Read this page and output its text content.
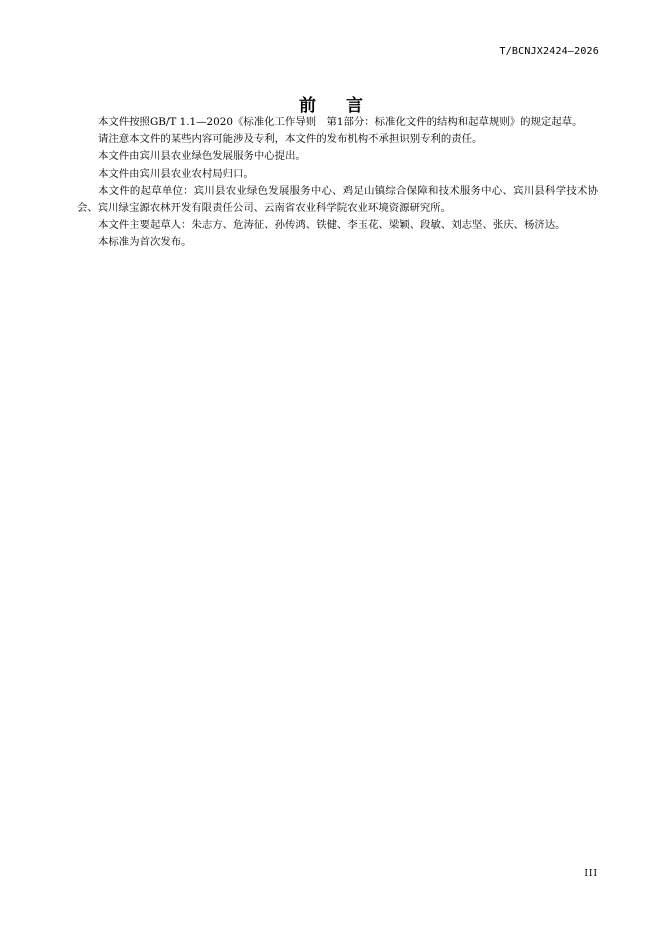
T/BCNJX2424—2026
前 言

本文件按照GB/T 1.1—2020《标准化工作导则　第1部分：标准化文件的结构和起草规则》的规定起草。

请注意本文件的某些内容可能涉及专利，本文件的发布机构不承担识别专利的责任。

本文件由宾川县农业绿色发展服务中心提出。

本文件由宾川县农业农村局归口。

本文件的起草单位：宾川县农业绿色发展服务中心、鸡足山镇综合保障和技术服务中心、宾川县科学技术协会、宾川绿宝源农林开发有限责任公司、云南省农业科学院农业环境资源研究所。

本文件主要起草人：朱志方、危涛征、孙传鸿、铁健、李玉花、梁颖、段敏、刘志坚、张庆、杨济达。

本标准为首次发布。

III
